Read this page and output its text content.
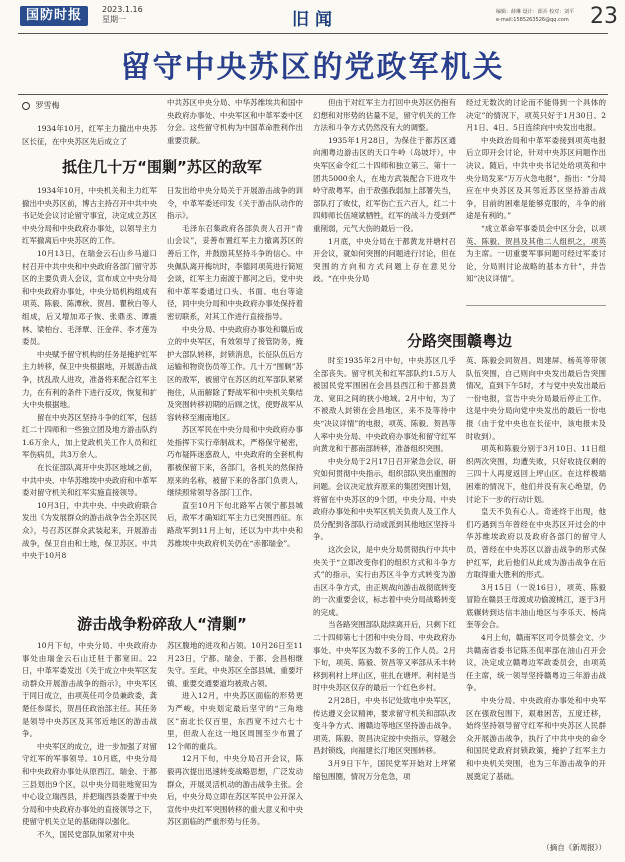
国防时报	2023.1.16
星期一	旧闻	编辑：薛琳 设计：邱兵 校对：刘平
e-mail:1585263526@qq.com 23
留守中央苏区的党政军机关
罗雪梅
抵住几十万“围剿”苏区的敌军
游击战争粉碎敌人“清剿”
分路突围赣粤边

1934年10月，红军主力撤出中央苏区长征，在中央苏区先后成立了

中共苏区中央分局、中华苏维埃共和国中央政府办事处、中央军区和中革军委中区分会。这些留守机构为中国革命胜利作出重要贡献。

但由于对红军主力打回中央苏区仍抱有幻想和对形势的估量不足，留守机关的工作方法和斗争方式仍然没有大的调整。

1935年1月28日，为保住于都苏区通向湘粤边游击区的天口牛岭（岛坡圩），中央军区命令红二十四师和独立第三、第十一团共5000余人，在地方武装配合下进攻牛岭守敌粤军。由于敌强我弱加上部署失当，部队打了败仗，红军伤亡五六百人，红二十四师师长伍境斌牺牲，红军的战斗力受到严重削弱，元气大伤的最后一役。

1月底，中央分局在于都黄龙井塘村召开会议，就如何突围的问题进行讨论，但在突围的方向和方式问题上存在意见分歧。“在中央分局

经过无数次的讨论而不能得到一个具体的决定”的情况下，项英只好于1月30日、2月1日、4日、5日连续向中央发出电报。

中央政治局和中革军委接到项英电报后立即开会讨论，针对中央苏区问题作出决议。随后，中共中央书记处给项英和中央分局发来“万万火急电报”，指出：“分局应在中央苏区及其邻近苏区坚持游击战争，目前的困难是能够克服的，斗争的前途是有利的。”

“成立革命军事委员会中区分会，以项英、陈毅、贺昌及其他二人组织之，项英为主席。一切重要军事问题可经过军委讨论，分局则讨论战略的基本方针”，并告知“决议详情”。

1934年10月，中央机关和主力红军撤出中央苏区前，博古主持召开中共中央书记处会议讨论留守事宜，决定成立苏区中央分局和中央政府办事处，以领导主力红军撤离后中央苏区的工作。

10月13日，在瑞金云石山乡马道口村召开中共中央和中央政府各部门留守苏区的主要负责人会议，宣布成立中央分局和中央政府办事处，中央分局机构组成有项英、陈毅、陈潭秋、贺昌、瞿秋白等人组成，后又增加邓子恢、张鼎丞、谭震林、梁柏台、毛泽覃、汪金祥、李才莲为委员。

中央赋予留守机构的任务是掩护红军主力转移，保卫中央根据地，开展游击战争，扰乱敌人进攻，准备将来配合红军主力，在有利的条件下进行反攻，恢复和扩大中央根据地。

留在中央苏区坚持斗争的红军，包括红二十四师和一些独立团及地方游击队约1.6万余人，加上党政机关工作人员和红军伤病员，共3万余人。

在长征部队离开中央苏区地域之前，中共中央、中华苏维埃中央政府和中革军委对留守机关和红军实施直接领导。

10月3日，中共中央、中央政府联合发出《为发展群众的游击战争告全苏区民众》，号召苏区群众武装起来，开展游击战争，保卫自由和土地，保卫苏区。中共中央于10月8

日发出给中央分局关于开展游击战争的训令，中革军委还印发《关于游击队动作的指示》。

毛泽东召集政府各部负责人召开“青山会议”，妥善布置红军主力撤离苏区的善后工作，并鼓励其坚持斗争的信心。中央佩队离开梅坑时，李德同项英进行简短会谈，红军主力南渡于都河之后，党中央和中革军委通过口头、书面、电台等途径，同中央分局和中央政府办事处保持着密切联系，对其工作进行直接指导。

中央分局、中央政府办事处和赣后成立的中央军区，有效领导了接管防务，掩护大部队转移，封锁消息，长征队伍后方运输和物资伤员等工作。几十万“围剿”苏区的敌军，被留守在苏区的红军部队紧紧拖住，从而解除了野战军和中央机关集结及突围转移初期的后顾之忧，使野战军从容转移至湘南地区。

苏区军民在中央分局和中央政府办事处指挥下实行牵制战术，严格保守秘密，巧布疑阵迷惑敌人，中央政府的全套机构都被保留下来，各部门，各机关的然保持原来的名称，被留下来的各部门负责人，继续照常领导各部门工作。

直至10月下旬北路军占领宁都县城后，敌军才确知红军主力已突围西征。东路敌军到11月上旬，还以为中共中央和苏维埃中央政府机关仍在“赤都瑞金”。

10月下旬，中央分局、中央政府办事处由瑞金云石山迁驻于都宽田。22日，中革军委发出《关于成立中央军区发动群众开展游击战争的指示》，中央军区于同日成立，由项英任司令员兼政委，龚楚任参谋长，贺昌任政治部主任。其任务是领导中央苏区及其邻近地区的游击战争。

中央军区的成立，进一步加强了对留守红军的军事领导。10月底，中央分局和中央政府办事处从原西江、瑞金、于都三县划出9个区，以中央分局驻地宽田为中心设立瑞西县，并把瑞西县委置于中央分局和中央政府办事处的直接领导之下，使留守机关立足的基础得以强化。

不久，国民党部队加紧对中央

苏区腹地的进攻和占领。10月26日至11月23日，宁都、瑞金、于都、会昌相继失守。至此，中央苏区全部县城、重要圩镇、重要交通要道均被敌占领。

进入12月，中央苏区面临的形势更为严峻，中央划定最后坚守的“三角地区”南北长仅百里，东西宽不过六七十里，但敌人在这一地区周围至少布置了12个师的重兵。

12月下旬，中央分局召开会议，陈毅再次提出迅速转变战略思想，广泛发动群众，开展灵活机动的游击战争主张。会后，中央分局立即在苏区军民中公开深入宣传中央红军突围转移的重大意义和中央苏区面临的严重形势与任务。

时至1935年2月中旬，中央苏区几乎全部丧失。留守机关和红军部队约1.5万人被国民党军围困在会昌县西江和于都县黄龙、宽田之间的狭小地域。2月中旬，为了不被敌人封锁在会昌地区，来不及等待中央“决议详情”的电报，项英、陈毅、贺昌等人率中央分局、中央政府办事处和留守红军向黄龙和于都南部转移，准备组织突围。

中央分局于2月17日召开紧急会议，研究如何贯彻中央指示，组织部队突出重围的问题。会议决定放弃原来的集团突围计划，将留在中央苏区的9个团，中央分局、中央政府办事处和中央军区机关负责人及工作人员分配到各部队行动或派到其他地区坚持斗争。

这次会议，是中央分局贯彻执行中共中央关于“立即改变你们的组织方式和斗争方式”的指示，实行由苏区斗争方式转变为游击区斗争方式，由正规战向游击战彻底转变的一次重要会议，标志着中央分局战略转变的完成。

当各路突围部队陆续离开后，只剩下红二十四师第七十团和中央分局、中央政府办事处、中央军区为数不多的工作人员。2月下旬，项英、陈毅、贺昌等又率部从禾丰转移到利村上坪山区，驻扎在塘坪。利村是当时中央苏区仅存的最后一个红色乡村。

2月28日，中央书记处致电中央军区，传达遵义会议精神，要求留守机关和部队改变斗争方式、湘赣边等地区坚持游击战争。项英、陈毅、贺昌决定按中央指示，穿越会昌封锁线，向福建长汀地区突围转移。

3月9日下午，国民党军开始对上坪紧缩包围圈，情况万分危急，项

英、陈毅会同贺昌、周建屏、杨英等带领队伍突围，自己则向中央发出最后告突围情况，直到下午5时，才与党中央发出最后一份电报，宣告中央分局最后停止工作。这是中央分局向党中央发出的最后一份电报（由于党中央也在长征中，该电报未及时收到）。

项英和陈毅分别于3月10日、11日组织两次突围，均遭失败，只好收拢仅剩的三四十人再度返回上坪山区。在这样极端困难的情况下，他们并没有灰心绝望，仍讨论下一步的行动计划。

皇天不负有心人。奇迹终于出现，他们巧遇到当年曾经在中央苏区开过会的中华苏维埃政府以及政府各部门的留守人员，曾经在中央苏区以游击战争的形式保护红军，此后他们从此成为游击战争在后方取得重大胜利的形式。

3月15日（一说16日），项英、陈毅冒险在赣县王母渡成功偷渡桃江，逐于3月底辗转到达信丰油山地区与李乐天、杨尚奎等会合。

4月上旬，赣南军区司令员蔡会文、少共赣南省委书记陈丕侃率部在油山召开会议，决定成立赣粤边军政委员会，由项英任主席，统一领导坚持赣粤边三年游击战争。

中央分局、中央政府办事处和中央军区在强敌包围下，艰难困苦，五度迁移，始终坚持领导留守红军和中央苏区人民群众开展游击战争，执行了中共中央的命令和国民党政府封锁政策，掩护了红军主力和中央机关突围，也为三年游击战争的开展奠定了基础。

（摘自《新周报》）
